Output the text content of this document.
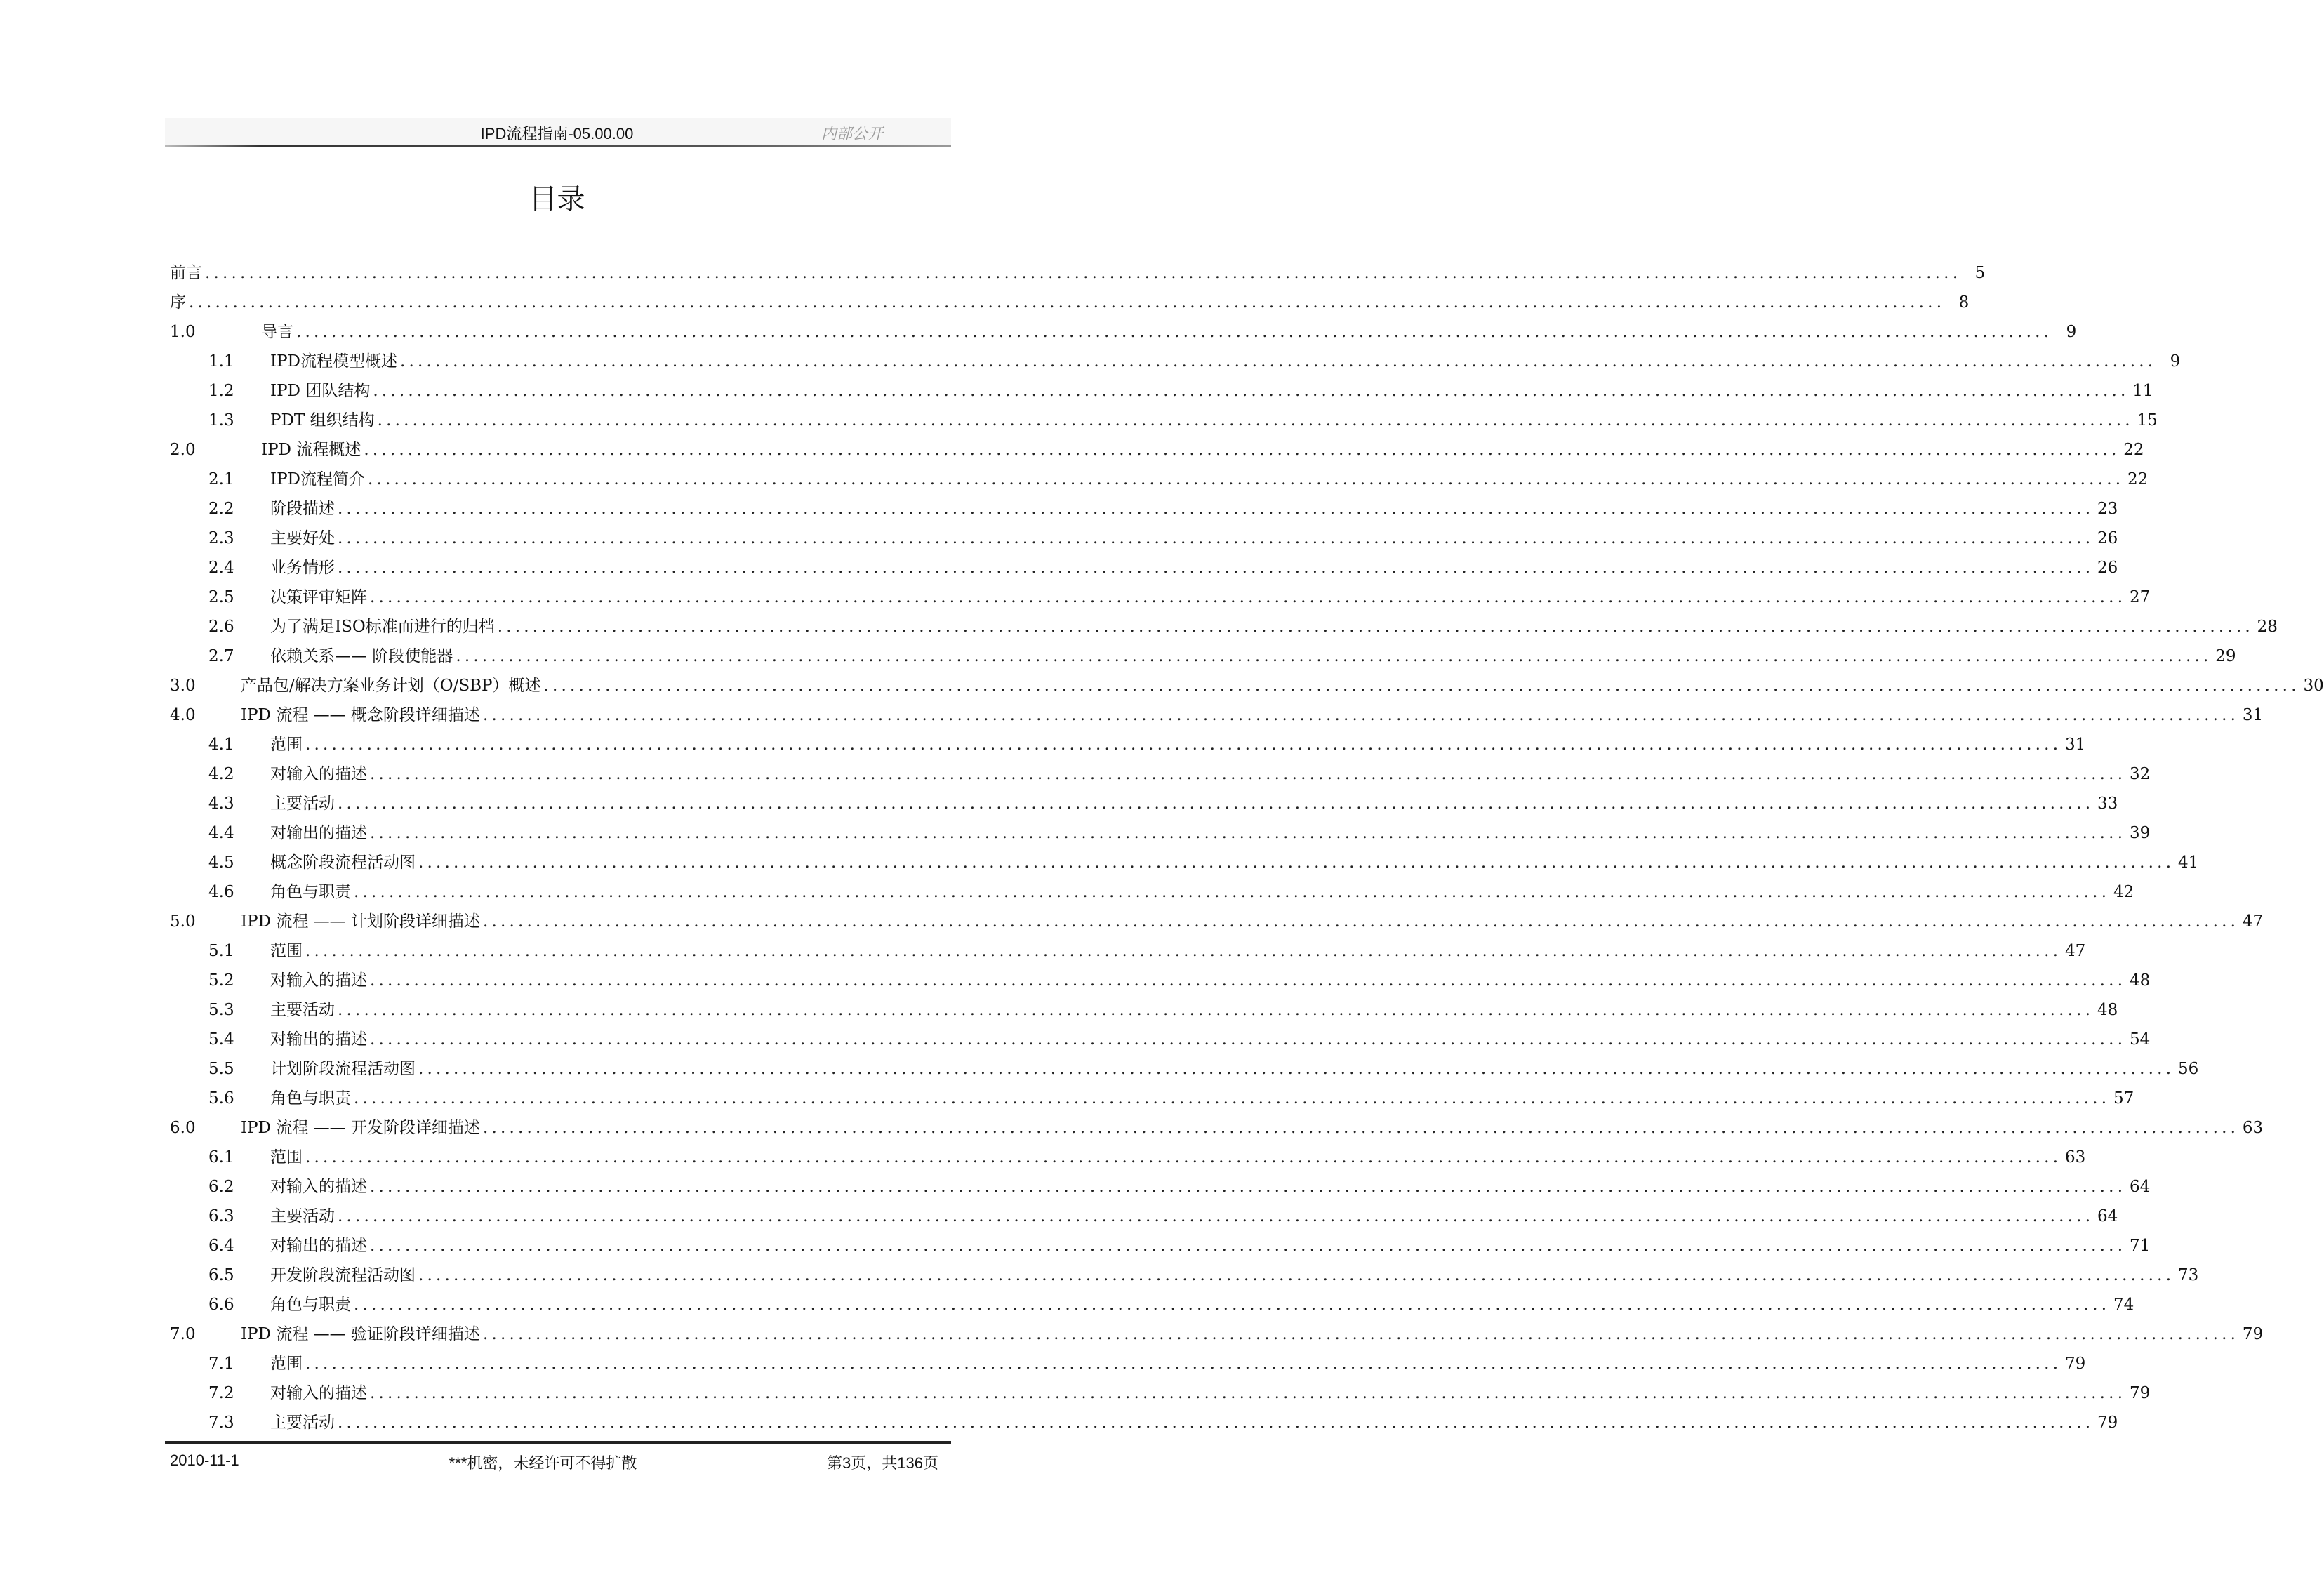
IPD流程指南-05.00.00	内部公开
目录
前言 ........................................................................................................................................................................................................ 5
序 ........................................................................................................................................................................................................ 8
1.0	导言 ........................................................................................................................................................................................................ 9
1.1 IPD流程模型概述 ........................................................................................................................................................................................................ 9
1.2 IPD 团队结构 ........................................................................................................................................................................................................ 11
1.3 PDT 组织结构 ........................................................................................................................................................................................................ 15
2.0	IPD 流程概述 ........................................................................................................................................................................................................ 22
2.1 IPD流程简介 ........................................................................................................................................................................................................ 22
2.2 阶段描述 ........................................................................................................................................................................................................ 23
2.3 主要好处 ........................................................................................................................................................................................................ 26
2.4 业务情形 ........................................................................................................................................................................................................ 26
2.5 决策评审矩阵 ........................................................................................................................................................................................................ 27
2.6 为了满足ISO标准而进行的归档 ........................................................................................................................................................................................................ 28
2.7 依赖关系—— 阶段使能器 ........................................................................................................................................................................................................ 29
3.0	产品包/解决方案业务计划（O/SBP）概述 ........................................................................................................................................................................................................ 30
4.0	IPD 流程 —— 概念阶段详细描述 ........................................................................................................................................................................................................ 31
4.1 范围 ........................................................................................................................................................................................................ 31
4.2 对输入的描述 ........................................................................................................................................................................................................ 32
4.3 主要活动 ........................................................................................................................................................................................................ 33
4.4 对输出的描述 ........................................................................................................................................................................................................ 39
4.5 概念阶段流程活动图 ........................................................................................................................................................................................................ 41
4.6 角色与职责 ........................................................................................................................................................................................................ 42
5.0	IPD 流程 —— 计划阶段详细描述 ........................................................................................................................................................................................................ 47
5.1 范围 ........................................................................................................................................................................................................ 47
5.2 对输入的描述 ........................................................................................................................................................................................................ 48
5.3 主要活动 ........................................................................................................................................................................................................ 48
5.4 对输出的描述 ........................................................................................................................................................................................................ 54
5.5 计划阶段流程活动图 ........................................................................................................................................................................................................ 56
5.6 角色与职责 ........................................................................................................................................................................................................ 57
6.0	IPD 流程 —— 开发阶段详细描述 ........................................................................................................................................................................................................ 63
6.1 范围 ........................................................................................................................................................................................................ 63
6.2 对输入的描述 ........................................................................................................................................................................................................ 64
6.3 主要活动 ........................................................................................................................................................................................................ 64
6.4 对输出的描述 ........................................................................................................................................................................................................ 71
6.5 开发阶段流程活动图 ........................................................................................................................................................................................................ 73
6.6 角色与职责 ........................................................................................................................................................................................................ 74
7.0	IPD 流程 —— 验证阶段详细描述 ........................................................................................................................................................................................................ 79
7.1 范围 ........................................................................................................................................................................................................ 79
7.2 对输入的描述 ........................................................................................................................................................................................................ 79
7.3 主要活动 ........................................................................................................................................................................................................ 79
2010-11-1	***机密，未经许可不得扩散	第3页，共136页
